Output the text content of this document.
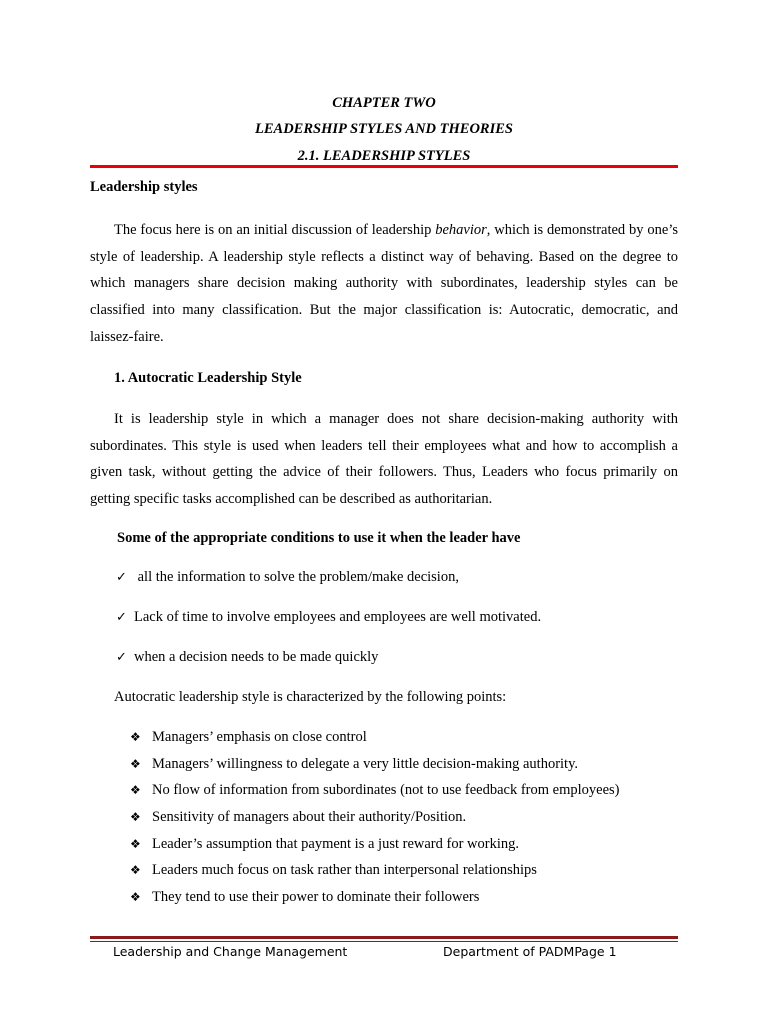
CHAPTER TWO
LEADERSHIP STYLES AND THEORIES
2.1. LEADERSHIP STYLES
Leadership styles
The focus here is on an initial discussion of leadership behavior, which is demonstrated by one’s style of leadership. A leadership style reflects a distinct way of behaving. Based on the degree to which managers share decision making authority with subordinates, leadership styles can be classified into many classification. But the major classification is: Autocratic, democratic, and laissez-faire.
1. Autocratic Leadership Style
It is leadership style in which a manager does not share decision-making authority with subordinates. This style is used when leaders tell their employees what and how to accomplish a given task, without getting the advice of their followers. Thus, Leaders who focus primarily on getting specific tasks accomplished can be described as authoritarian.
Some of the appropriate conditions to use it when the leader have
✓ all the information to solve the problem/make decision,
✓ Lack of time to involve employees and employees are well motivated.
✓ when a decision needs to be made quickly
Autocratic leadership style is characterized by the following points:
❖ Managers’ emphasis on close control
❖ Managers’ willingness to delegate a very little decision-making authority.
❖ No flow of information from subordinates (not to use feedback from employees)
❖ Sensitivity of managers about their authority/Position.
❖ Leader’s assumption that payment is a just reward for working.
❖ Leaders much focus on task rather than interpersonal relationships
❖ They tend to use their power to dominate their followers
Leadership and Change Management	Department of PADMPage 1
